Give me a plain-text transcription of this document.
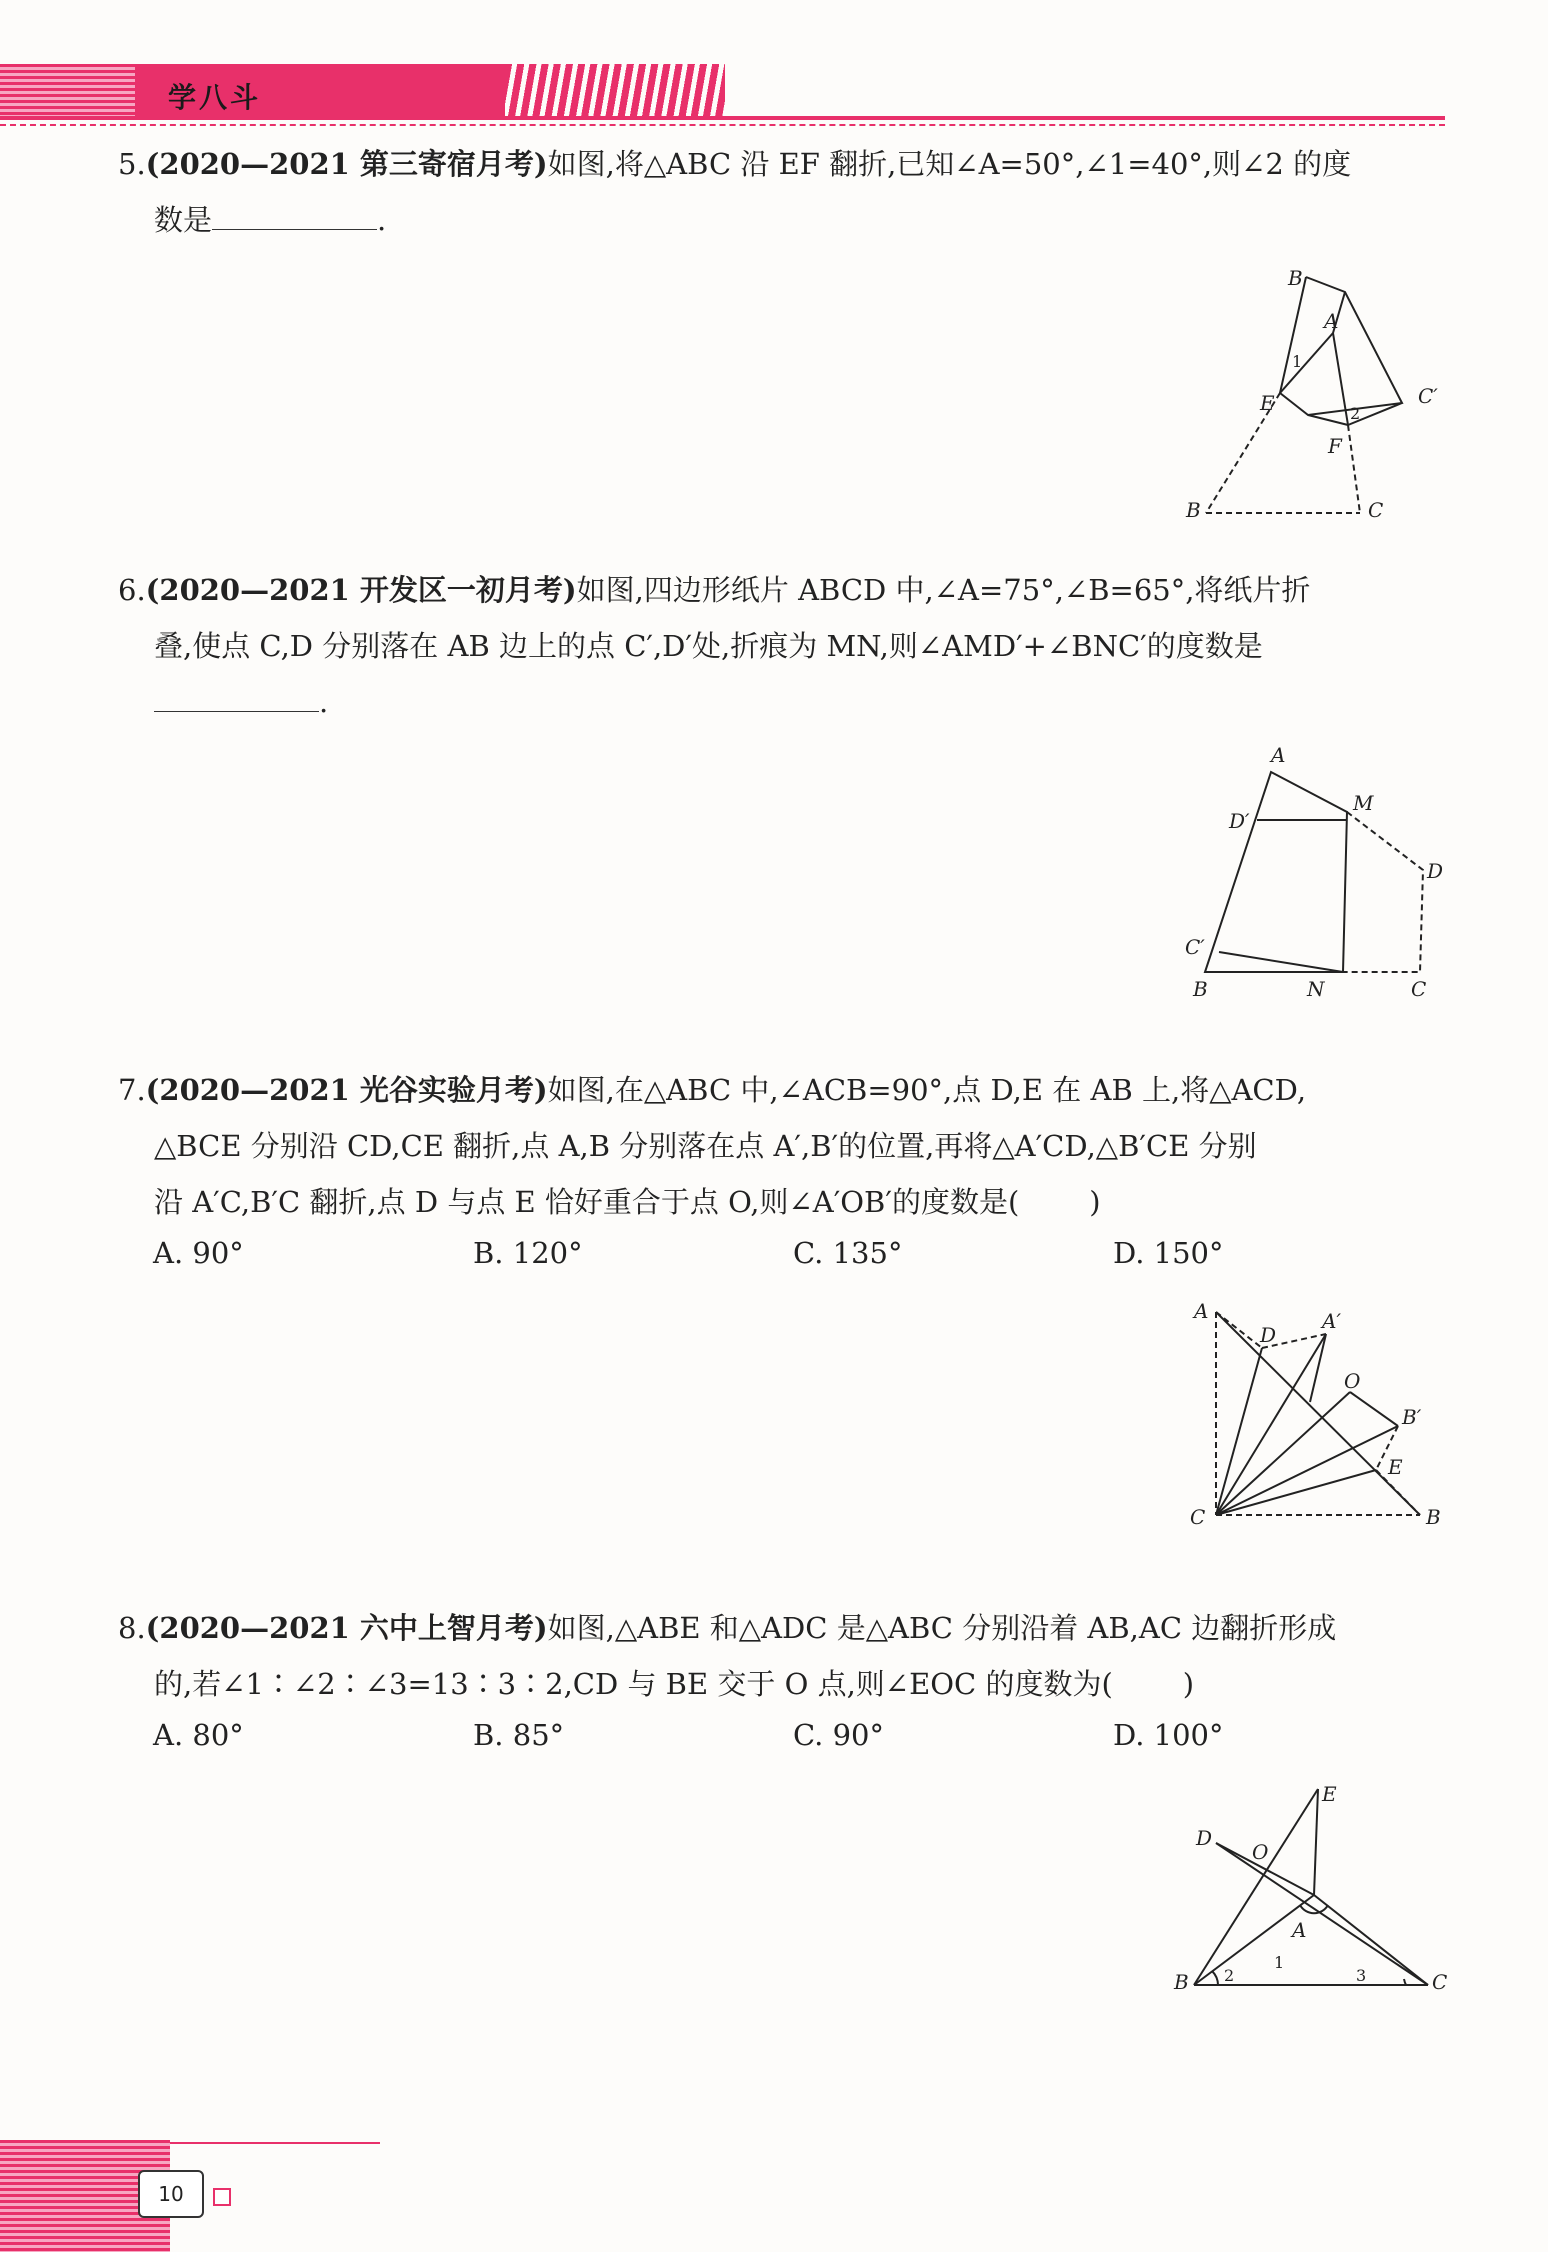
学八斗
5.(2020—2021 第三寄宿月考)如图,将△ABC 沿 EF 翻折,已知∠A=50°,∠1=40°,则∠2 的度
数是	.
B
A
1
E	C′
2
F
B	C
6.(2020—2021 开发区一初月考)如图,四边形纸片 ABCD 中,∠A=75°,∠B=65°,将纸片折
叠,使点 C,D 分别落在 AB 边上的点 C′,D′处,折痕为 MN,则∠AMD′+∠BNC′的度数是
.
A
D′
M
D
C′
B	N	C
7.(2020—2021 光谷实验月考)如图,在△ABC 中,∠ACB=90°,点 D,E 在 AB 上,将△ACD,
△BCE 分别沿 CD,CE 翻折,点 A,B 分别落在点 A′,B′的位置,再将△A′CD,△B′CE 分别
沿 A′C,B′C 翻折,点 D 与点 E 恰好重合于点 O,则∠A′OB′的度数是( )
A. 90°	B. 120°	C. 135°	D. 150°
A	A′
D
O
B′
E
C	B
8.(2020—2021 六中上智月考)如图,△ABE 和△ADC 是△ABC 分别沿着 AB,AC 边翻折形成
的,若∠1∶∠2∶∠3=13∶3∶2,CD 与 BE 交于 O 点,则∠EOC 的度数为( )
A. 80°	B. 85°	C. 90°	D. 100°
E
D
O
A
1
B 2	3	C
10
